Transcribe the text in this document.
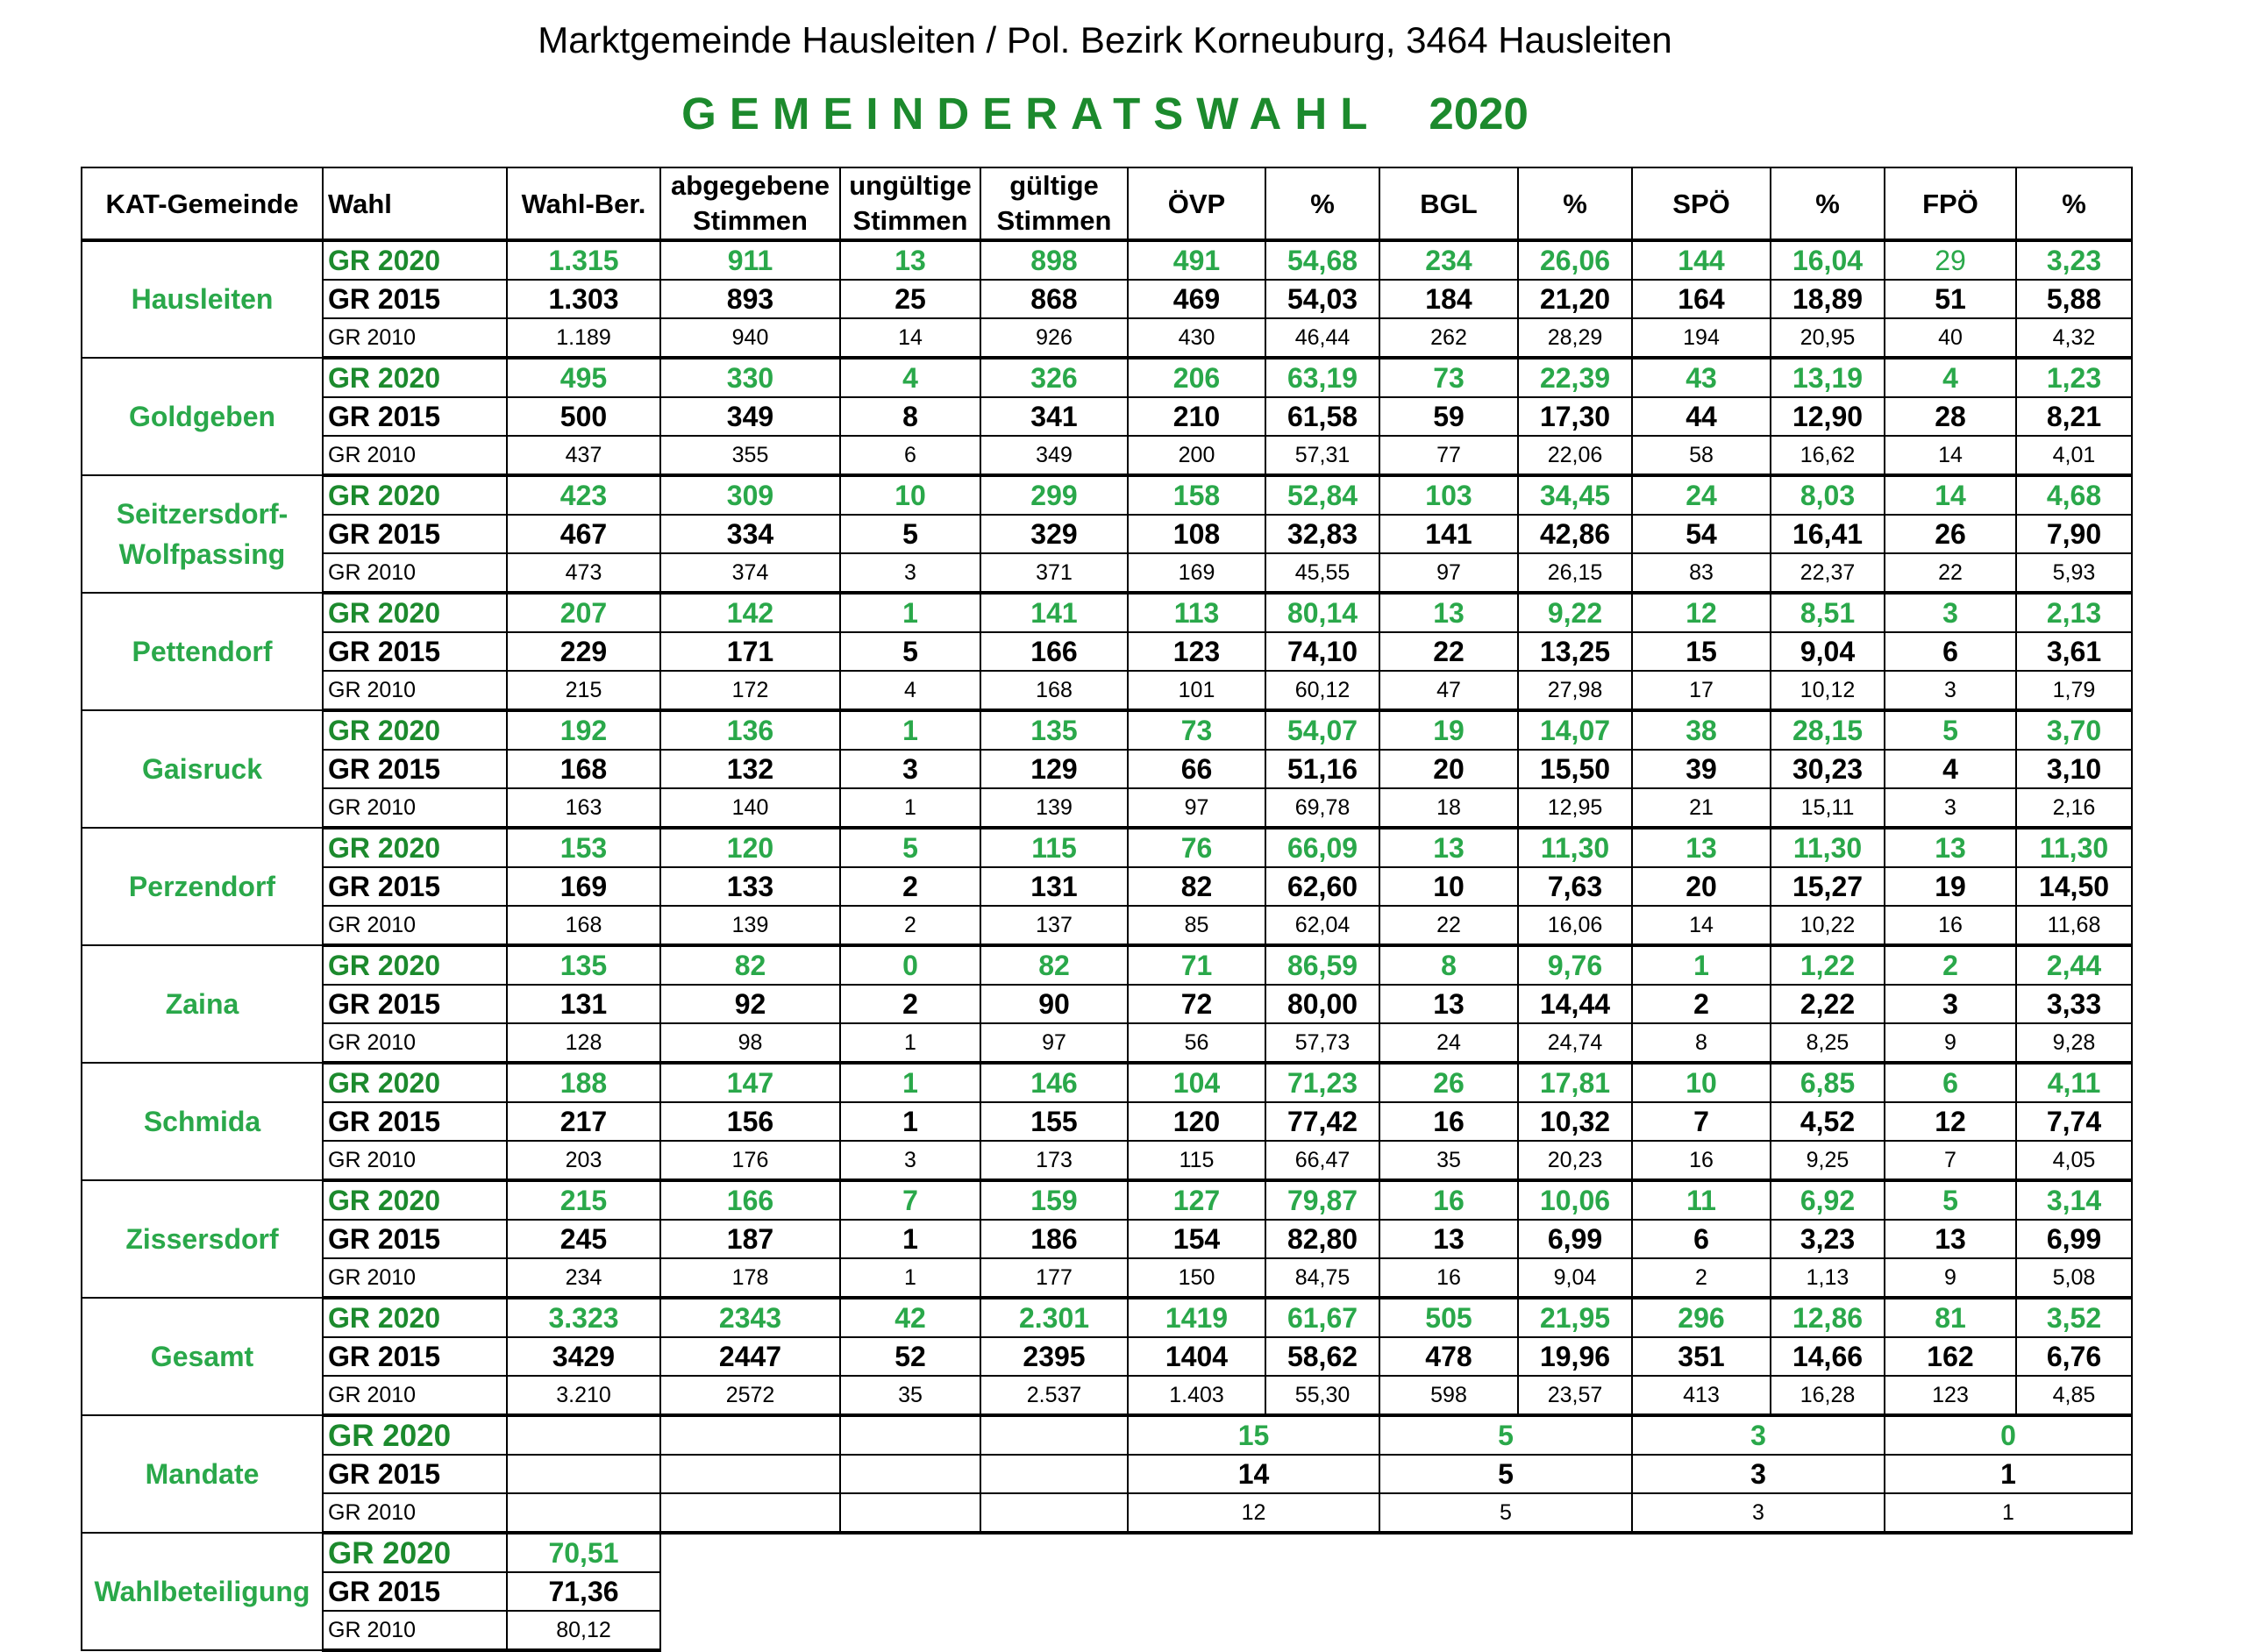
Marktgemeinde Hausleiten / Pol. Bezirk Korneuburg, 3464 Hausleiten
GEMEINDERATSWAHL 2020
KAT-Gemeinde	Wahl	Wahl-Ber.	abgegebene Stimmen	ungültige Stimmen	gültige Stimmen	ÖVP	%	BGL	%	SPÖ	%	FPÖ	%
Hausleiten	GR 2020	1.315	911	13	898	491	54,68	234	26,06	144	16,04	29	3,23
	GR 2015	1.303	893	25	868	469	54,03	184	21,20	164	18,89	51	5,88
	GR 2010	1.189	940	14	926	430	46,44	262	28,29	194	20,95	40	4,32
Goldgeben	GR 2020	495	330	4	326	206	63,19	73	22,39	43	13,19	4	1,23
	GR 2015	500	349	8	341	210	61,58	59	17,30	44	12,90	28	8,21
	GR 2010	437	355	6	349	200	57,31	77	22,06	58	16,62	14	4,01
Seitzersdorf-Wolfpassing	GR 2020	423	309	10	299	158	52,84	103	34,45	24	8,03	14	4,68
	GR 2015	467	334	5	329	108	32,83	141	42,86	54	16,41	26	7,90
	GR 2010	473	374	3	371	169	45,55	97	26,15	83	22,37	22	5,93
Pettendorf	GR 2020	207	142	1	141	113	80,14	13	9,22	12	8,51	3	2,13
	GR 2015	229	171	5	166	123	74,10	22	13,25	15	9,04	6	3,61
	GR 2010	215	172	4	168	101	60,12	47	27,98	17	10,12	3	1,79
Gaisruck	GR 2020	192	136	1	135	73	54,07	19	14,07	38	28,15	5	3,70
	GR 2015	168	132	3	129	66	51,16	20	15,50	39	30,23	4	3,10
	GR 2010	163	140	1	139	97	69,78	18	12,95	21	15,11	3	2,16
Perzendorf	GR 2020	153	120	5	115	76	66,09	13	11,30	13	11,30	13	11,30
	GR 2015	169	133	2	131	82	62,60	10	7,63	20	15,27	19	14,50
	GR 2010	168	139	2	137	85	62,04	22	16,06	14	10,22	16	11,68
Zaina	GR 2020	135	82	0	82	71	86,59	8	9,76	1	1,22	2	2,44
	GR 2015	131	92	2	90	72	80,00	13	14,44	2	2,22	3	3,33
	GR 2010	128	98	1	97	56	57,73	24	24,74	8	8,25	9	9,28
Schmida	GR 2020	188	147	1	146	104	71,23	26	17,81	10	6,85	6	4,11
	GR 2015	217	156	1	155	120	77,42	16	10,32	7	4,52	12	7,74
	GR 2010	203	176	3	173	115	66,47	35	20,23	16	9,25	7	4,05
Zissersdorf	GR 2020	215	166	7	159	127	79,87	16	10,06	11	6,92	5	3,14
	GR 2015	245	187	1	186	154	82,80	13	6,99	6	3,23	13	6,99
	GR 2010	234	178	1	177	150	84,75	16	9,04	2	1,13	9	5,08
Gesamt	GR 2020	3.323	2343	42	2.301	1419	61,67	505	21,95	296	12,86	81	3,52
	GR 2015	3429	2447	52	2395	1404	58,62	478	19,96	351	14,66	162	6,76
	GR 2010	3.210	2572	35	2.537	1.403	55,30	598	23,57	413	16,28	123	4,85
Mandate	GR 2020					15		5		3		0	
	GR 2015					14		5		3		1	
	GR 2010					12		5		3		1	
Wahlbeteiligung	GR 2020	70,51											
	GR 2015	71,36											
	GR 2010	80,12											
